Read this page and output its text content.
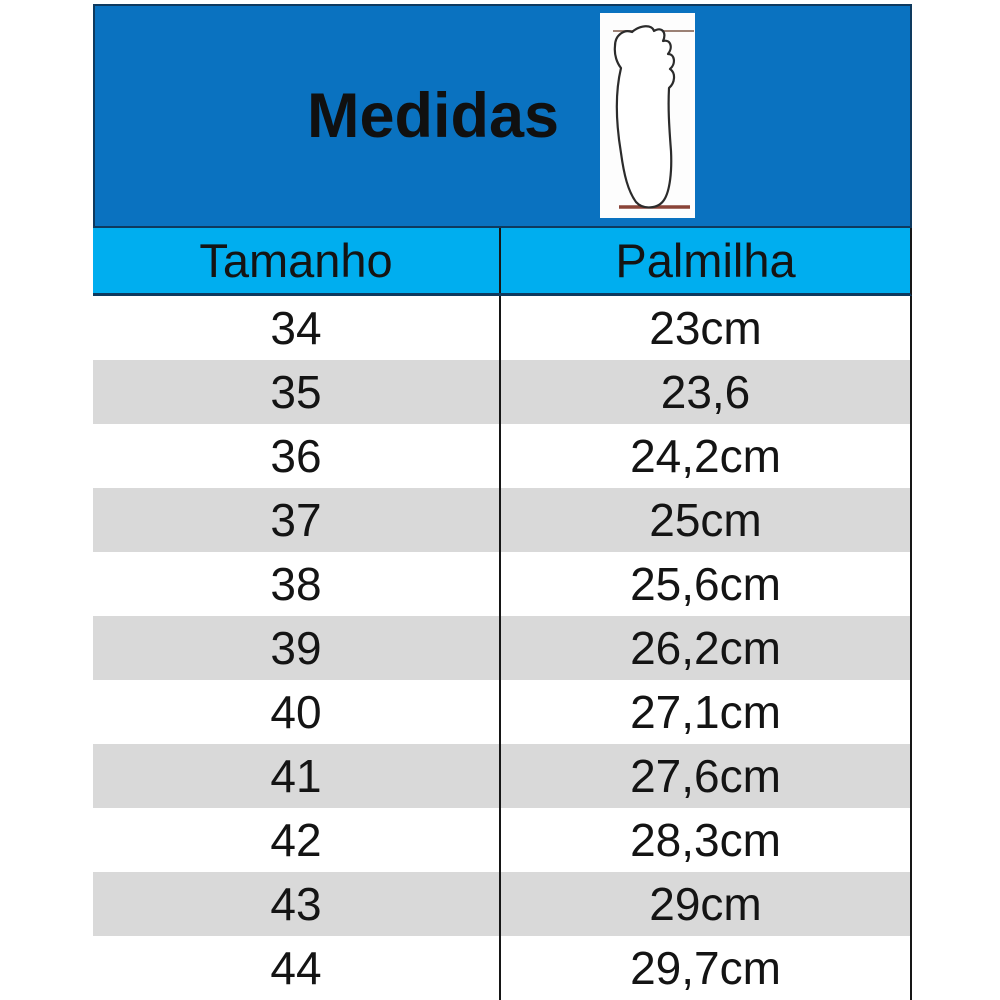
Medidas
Tamanho	Palmilha
34	23cm
35	23,6
36	24,2cm
37	25cm
38	25,6cm
39	26,2cm
40	27,1cm
41	27,6cm
42	28,3cm
43	29cm
44	29,7cm
